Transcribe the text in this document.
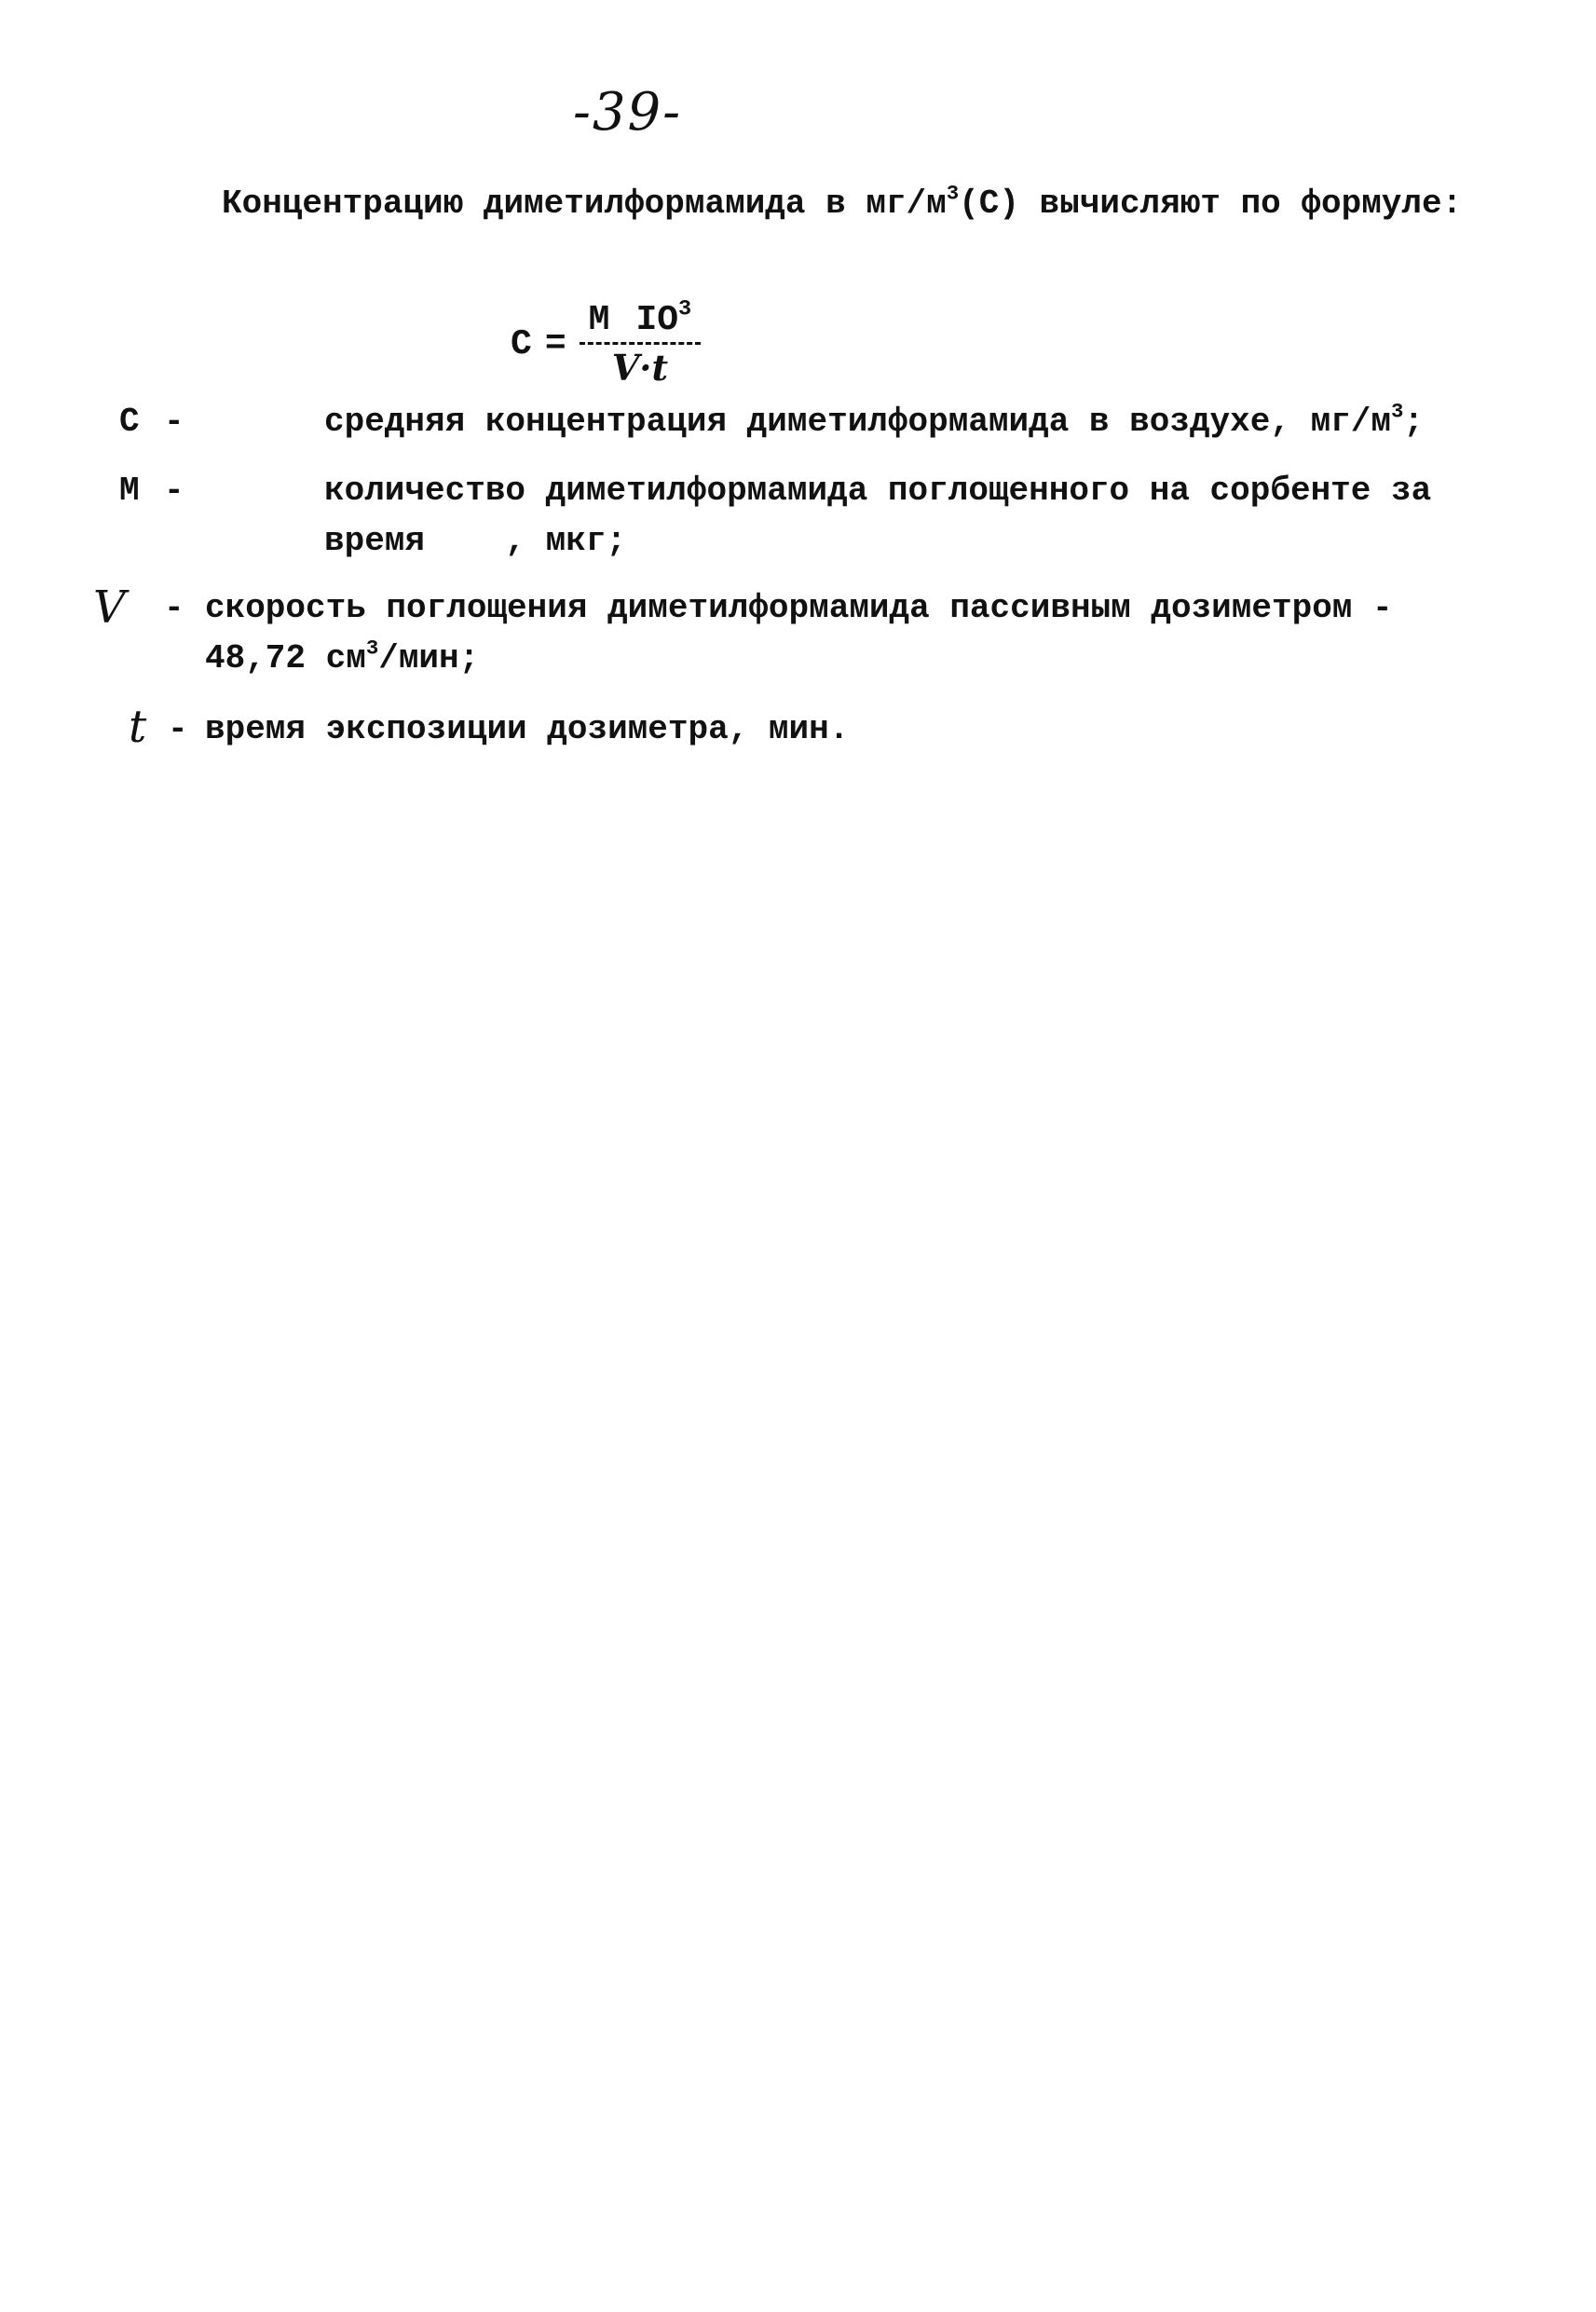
-39-
Концентрацию диметилформамида в $мг/м^3(С)$ вычисляют по формуле:
$С = \frac{М IO^3}{V\cdot t}$
С -	средняя концентрация диметилформамида в воздухе, $мг/м^3$;
М -	количество диметилформамида поглощенного на сорбенте за
время    , мкг;
V - скорость поглощения диметилформамида пассивным дозиметром -
48,72 $см^3$/мин;
t - время экспозиции дозиметра, мин.
